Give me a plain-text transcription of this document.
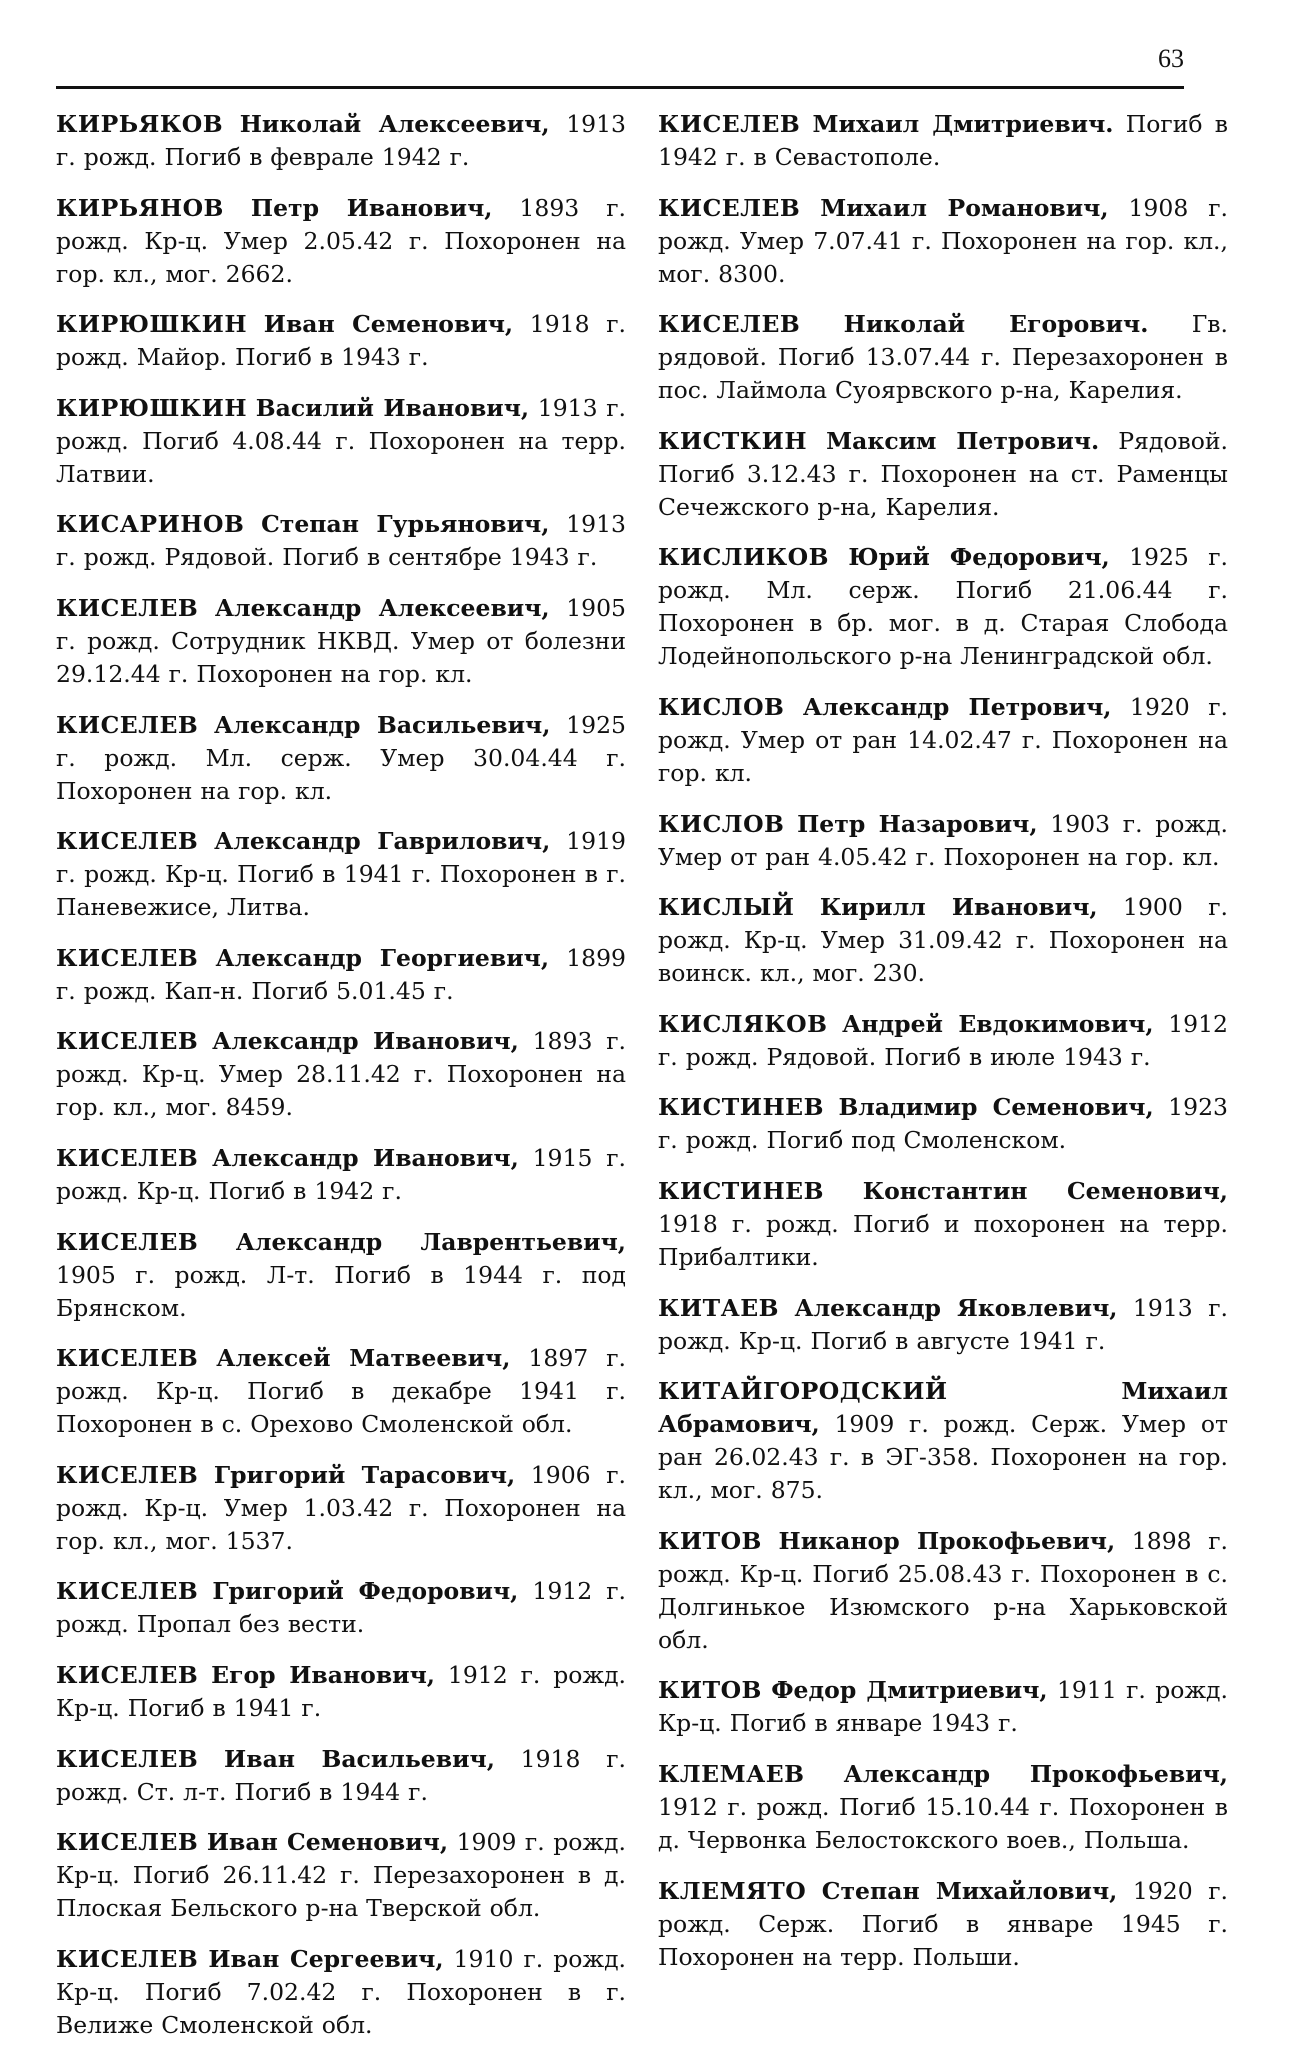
63

КИРЬЯКОВ Николай Алексеевич, 1913 г. рожд. Погиб в феврале 1942 г.

КИРЬЯНОВ Петр Иванович, 1893 г. рожд. Кр-ц. Умер 2.05.42 г. Похоронен на гор. кл., мог. 2662.

КИРЮШКИН Иван Семенович, 1918 г. рожд. Майор. Погиб в 1943 г.

КИРЮШКИН Василий Иванович, 1913 г. рожд. Погиб 4.08.44 г. Похоронен на терр. Латвии.

КИСАРИНОВ Степан Гурьянович, 1913 г. рожд. Рядовой. Погиб в сентябре 1943 г.

КИСЕЛЕВ Александр Алексеевич, 1905 г. рожд. Сотрудник НКВД. Умер от болезни 29.12.44 г. Похоронен на гор. кл.

КИСЕЛЕВ Александр Васильевич, 1925 г. рожд. Мл. серж. Умер 30.04.44 г. Похоронен на гор. кл.

КИСЕЛЕВ Александр Гаврилович, 1919 г. рожд. Кр-ц. Погиб в 1941 г. Похоронен в г. Паневежисе, Литва.

КИСЕЛЕВ Александр Георгиевич, 1899 г. рожд. Кап-н. Погиб 5.01.45 г.

КИСЕЛЕВ Александр Иванович, 1893 г. рожд. Кр-ц. Умер 28.11.42 г. Похоронен на гор. кл., мог. 8459.

КИСЕЛЕВ Александр Иванович, 1915 г. рожд. Кр-ц. Погиб в 1942 г.

КИСЕЛЕВ Александр Лаврентьевич, 1905 г. рожд. Л-т. Погиб в 1944 г. под Брянском.

КИСЕЛЕВ Алексей Матвеевич, 1897 г. рожд. Кр-ц. Погиб в декабре 1941 г. Похоронен в с. Орехово Смоленской обл.

КИСЕЛЕВ Григорий Тарасович, 1906 г. рожд. Кр-ц. Умер 1.03.42 г. Похоронен на гор. кл., мог. 1537.

КИСЕЛЕВ Григорий Федорович, 1912 г. рожд. Пропал без вести.

КИСЕЛЕВ Егор Иванович, 1912 г. рожд. Кр-ц. Погиб в 1941 г.

КИСЕЛЕВ Иван Васильевич, 1918 г. рожд. Ст. л-т. Погиб в 1944 г.

КИСЕЛЕВ Иван Семенович, 1909 г. рожд. Кр-ц. Погиб 26.11.42 г. Перезахоронен в д. Плоская Бельского р-на Тверской обл.

КИСЕЛЕВ Иван Сергеевич, 1910 г. рожд. Кр-ц. Погиб 7.02.42 г. Похоронен в г. Велиже Смоленской обл.

КИСЕЛЕВ Михаил Дмитриевич. Погиб в 1942 г. в Севастополе.

КИСЕЛЕВ Михаил Романович, 1908 г. рожд. Умер 7.07.41 г. Похоронен на гор. кл., мог. 8300.

КИСЕЛЕВ Николай Егорович. Гв. рядовой. Погиб 13.07.44 г. Перезахоронен в пос. Лаймола Суоярвского р-на, Карелия.

КИСТКИН Максим Петрович. Рядовой. Погиб 3.12.43 г. Похоронен на ст. Раменцы Сечежского р-на, Карелия.

КИСЛИКОВ Юрий Федорович, 1925 г. рожд. Мл. серж. Погиб 21.06.44 г. Похоронен в бр. мог. в д. Старая Слобода Лодейнопольского р-на Ленинградской обл.

КИСЛОВ Александр Петрович, 1920 г. рожд. Умер от ран 14.02.47 г. Похоронен на гор. кл.

КИСЛОВ Петр Назарович, 1903 г. рожд. Умер от ран 4.05.42 г. Похоронен на гор. кл.

КИСЛЫЙ Кирилл Иванович, 1900 г. рожд. Кр-ц. Умер 31.09.42 г. Похоронен на воинск. кл., мог. 230.

КИСЛЯКОВ Андрей Евдокимович, 1912 г. рожд. Рядовой. Погиб в июле 1943 г.

КИСТИНЕВ Владимир Семенович, 1923 г. рожд. Погиб под Смоленском.

КИСТИНЕВ Константин Семенович, 1918 г. рожд. Погиб и похоронен на терр. Прибалтики.

КИТАЕВ Александр Яковлевич, 1913 г. рожд. Кр-ц. Погиб в августе 1941 г.

КИТАЙГОРОДСКИЙ	Михаил Абрамович, 1909 г. рожд. Серж. Умер от ран 26.02.43 г. в ЭГ-358. Похоронен на гор. кл., мог. 875.

КИТОВ Никанор Прокофьевич, 1898 г. рожд. Кр-ц. Погиб 25.08.43 г. Похоронен в с. Долгинькое Изюмского р-на Харьковской обл.

КИТОВ Федор Дмитриевич, 1911 г. рожд. Кр-ц. Погиб в январе 1943 г.

КЛЕМАЕВ Александр Прокофьевич, 1912 г. рожд. Погиб 15.10.44 г. Похоронен в д. Червонка Белостокского воев., Польша.

КЛЕМЯТО Степан Михайлович, 1920 г. рожд. Серж. Погиб в январе 1945 г. Похоронен на терр. Польши.
